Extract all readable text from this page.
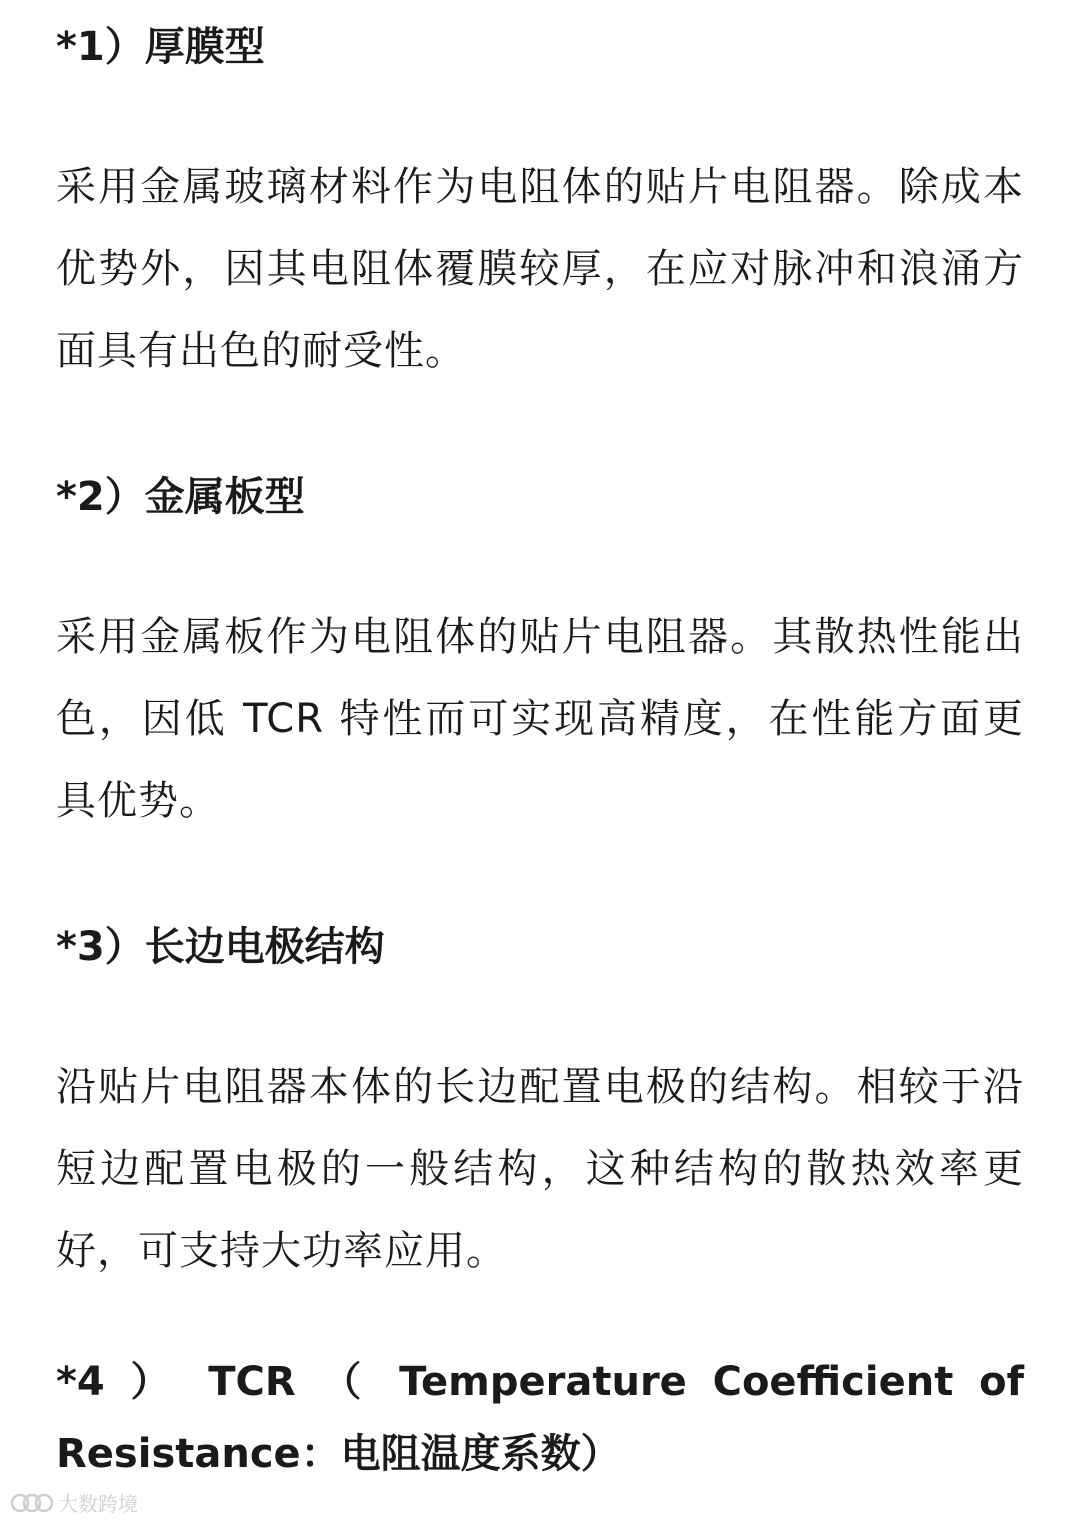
*1）厚膜型

采用金属玻璃材料作为电阻体的贴片电阻器。除成本优势外，因其电阻体覆膜较厚，在应对脉冲和浪涌方面具有出色的耐受性。

*2）金属板型

采用金属板作为电阻体的贴片电阻器。其散热性能出色，因低 TCR 特性而可实现高精度，在性能方面更具优势。

*3）长边电极结构

沿贴片电阻器本体的长边配置电极的结构。相较于沿短边配置电极的一般结构，这种结构的散热效率更好，可支持大功率应用。

*4 ） TCR （ Temperature Coefficient of Resistance：电阻温度系数）
大数跨境
